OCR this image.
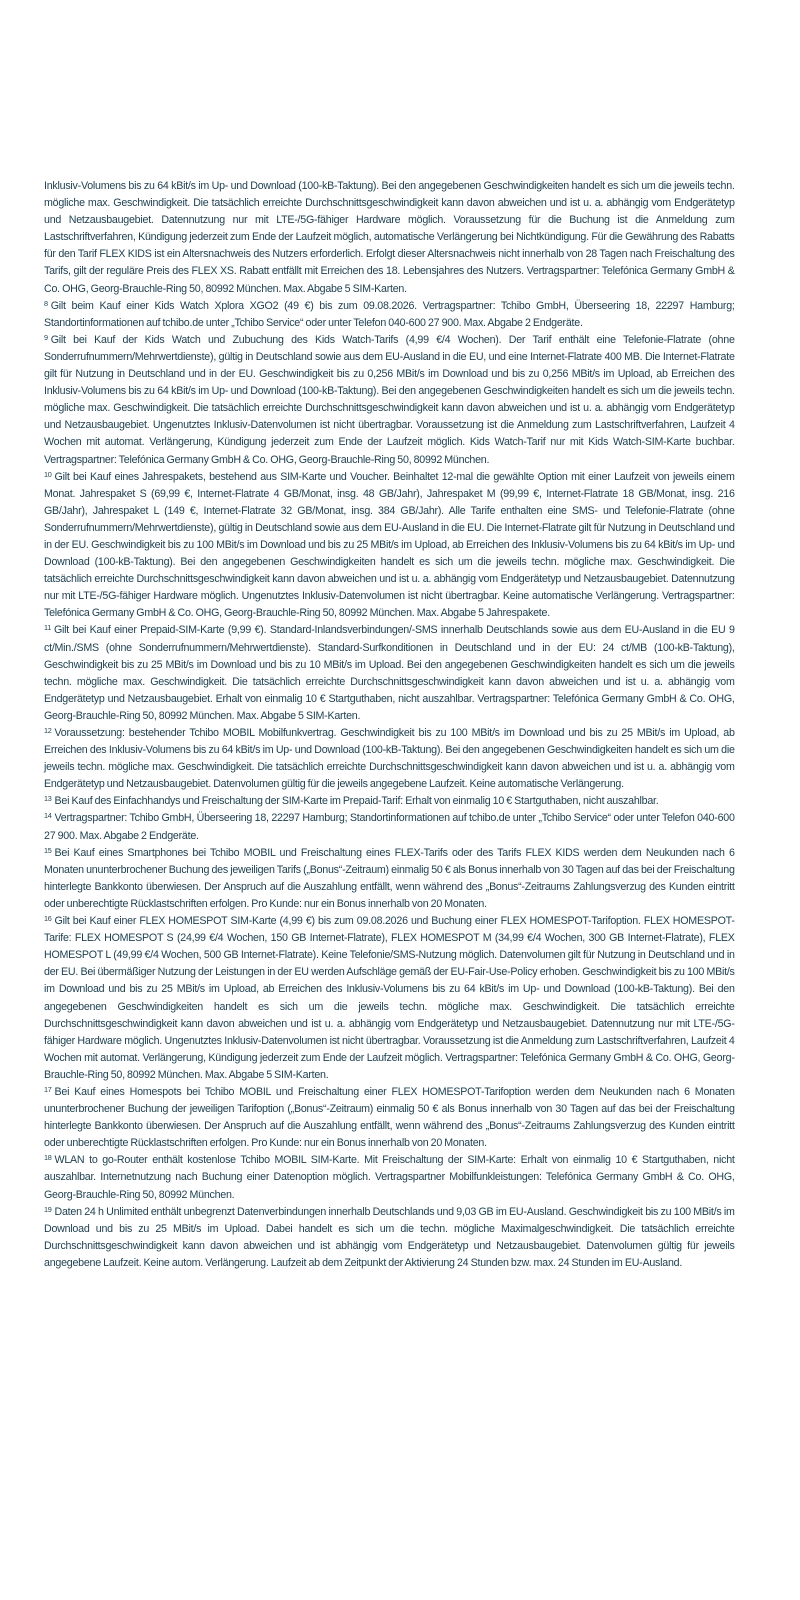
Inklusiv-Volumens bis zu 64 kBit/s im Up- und Download (100-kB-Taktung). Bei den angegebenen Geschwindigkeiten handelt es sich um die jeweils techn. mögliche max. Geschwindigkeit. Die tatsächlich erreichte Durchschnittsgeschwindigkeit kann davon abweichen und ist u. a. abhängig vom Endgerätetyp und Netzausbaugebiet. Datennutzung nur mit LTE-/5G-fähiger Hardware möglich. Voraussetzung für die Buchung ist die Anmeldung zum Lastschriftverfahren, Kündigung jederzeit zum Ende der Laufzeit möglich, automatische Verlängerung bei Nichtkündigung. Für die Gewährung des Rabatts für den Tarif FLEX KIDS ist ein Altersnachweis des Nutzers erforderlich. Erfolgt dieser Altersnachweis nicht innerhalb von 28 Tagen nach Freischaltung des Tarifs, gilt der reguläre Preis des FLEX XS. Rabatt entfällt mit Erreichen des 18. Lebensjahres des Nutzers. Vertragspartner: Telefónica Germany GmbH & Co. OHG, Georg-Brauchle-Ring 50, 80992 München. Max. Abgabe 5 SIM-Karten.

$^8$ Gilt beim Kauf einer Kids Watch Xplora XGO2 (49 €) bis zum 09.08.2026. Vertragspartner: Tchibo GmbH, Überseering 18, 22297 Hamburg; Standortinformationen auf tchibo.de unter „Tchibo Service“ oder unter Telefon 040-600 27 900. Max. Abgabe 2 Endgeräte.

$^9$ Gilt bei Kauf der Kids Watch und Zubuchung des Kids Watch-Tarifs (4,99 €/4 Wochen). Der Tarif enthält eine Telefonie-Flatrate (ohne Sonderrufnummern/Mehrwertdienste), gültig in Deutschland sowie aus dem EU-Ausland in die EU, und eine Internet-Flatrate 400 MB. Die Internet-Flatrate gilt für Nutzung in Deutschland und in der EU. Geschwindigkeit bis zu 0,256 MBit/s im Download und bis zu 0,256 MBit/s im Upload, ab Erreichen des Inklusiv-Volumens bis zu 64 kBit/s im Up- und Download (100-kB-Taktung). Bei den angegebenen Geschwindigkeiten handelt es sich um die jeweils techn. mögliche max. Geschwindigkeit. Die tatsächlich erreichte Durchschnittsgeschwindigkeit kann davon abweichen und ist u. a. abhängig vom Endgerätetyp und Netzausbaugebiet. Ungenutztes Inklusiv-Datenvolumen ist nicht übertragbar. Voraussetzung ist die Anmeldung zum Lastschriftverfahren, Laufzeit 4 Wochen mit automat. Verlängerung, Kündigung jederzeit zum Ende der Laufzeit möglich. Kids Watch-Tarif nur mit Kids Watch-SIM-Karte buchbar. Vertragspartner: Telefónica Germany GmbH & Co. OHG, Georg-Brauchle-Ring 50, 80992 München.

$^{10}$ Gilt bei Kauf eines Jahrespakets, bestehend aus SIM-Karte und Voucher. Beinhaltet 12-mal die gewählte Option mit einer Laufzeit von jeweils einem Monat. Jahrespaket S (69,99 €, Internet-Flatrate 4 GB/Monat, insg. 48 GB/Jahr), Jahrespaket M (99,99 €, Internet-Flatrate 18 GB/Monat, insg. 216 GB/Jahr), Jahrespaket L (149 €, Internet-Flatrate 32 GB/Monat, insg. 384 GB/Jahr). Alle Tarife enthalten eine SMS- und Telefonie-Flatrate (ohne Sonderrufnummern/Mehrwertdienste), gültig in Deutschland sowie aus dem EU-Ausland in die EU. Die Internet-Flatrate gilt für Nutzung in Deutschland und in der EU. Geschwindigkeit bis zu 100 MBit/s im Download und bis zu 25 MBit/s im Upload, ab Erreichen des Inklusiv-Volumens bis zu 64 kBit/s im Up- und Download (100-kB-Taktung). Bei den angegebenen Geschwindigkeiten handelt es sich um die jeweils techn. mögliche max. Geschwindigkeit. Die tatsächlich erreichte Durchschnittsgeschwindigkeit kann davon abweichen und ist u. a. abhängig vom Endgerätetyp und Netzausbaugebiet. Datennutzung nur mit LTE-/5G-fähiger Hardware möglich. Ungenutztes Inklusiv-Datenvolumen ist nicht übertragbar. Keine automatische Verlängerung. Vertragspartner: Telefónica Germany GmbH & Co. OHG, Georg-Brauchle-Ring 50, 80992 München. Max. Abgabe 5 Jahrespakete.

$^{11}$ Gilt bei Kauf einer Prepaid-SIM-Karte (9,99 €). Standard-Inlandsverbindungen/-SMS innerhalb Deutschlands sowie aus dem EU-Ausland in die EU 9 ct/Min./SMS (ohne Sonderrufnummern/Mehrwertdienste). Standard-Surfkonditionen in Deutschland und in der EU: 24 ct/MB (100-kB-Taktung), Geschwindigkeit bis zu 25 MBit/s im Download und bis zu 10 MBit/s im Upload. Bei den angegebenen Geschwindigkeiten handelt es sich um die jeweils techn. mögliche max. Geschwindigkeit. Die tatsächlich erreichte Durchschnittsgeschwindigkeit kann davon abweichen und ist u. a. abhängig vom Endgerätetyp und Netzausbaugebiet. Erhalt von einmalig 10 € Startguthaben, nicht auszahlbar. Vertragspartner: Telefónica Germany GmbH & Co. OHG, Georg-Brauchle-Ring 50, 80992 München. Max. Abgabe 5 SIM-Karten.

$^{12}$ Voraussetzung: bestehender Tchibo MOBIL Mobilfunkvertrag. Geschwindigkeit bis zu 100 MBit/s im Download und bis zu 25 MBit/s im Upload, ab Erreichen des Inklusiv-Volumens bis zu 64 kBit/s im Up- und Download (100-kB-Taktung). Bei den angegebenen Geschwindigkeiten handelt es sich um die jeweils techn. mögliche max. Geschwindigkeit. Die tatsächlich erreichte Durchschnittsgeschwindigkeit kann davon abweichen und ist u. a. abhängig vom Endgerätetyp und Netzausbaugebiet. Datenvolumen gültig für die jeweils angegebene Laufzeit. Keine automatische Verlängerung.

$^{13}$ Bei Kauf des Einfachhandys und Freischaltung der SIM-Karte im Prepaid-Tarif: Erhalt von einmalig 10 € Startguthaben, nicht auszahlbar.

$^{14}$ Vertragspartner: Tchibo GmbH, Überseering 18, 22297 Hamburg; Standortinformationen auf tchibo.de unter „Tchibo Service“ oder unter Telefon 040-600 27 900. Max. Abgabe 2 Endgeräte.

$^{15}$ Bei Kauf eines Smartphones bei Tchibo MOBIL und Freischaltung eines FLEX-Tarifs oder des Tarifs FLEX KIDS werden dem Neukunden nach 6 Monaten ununterbrochener Buchung des jeweiligen Tarifs („Bonus“-Zeitraum) einmalig 50 € als Bonus innerhalb von 30 Tagen auf das bei der Freischaltung hinterlegte Bankkonto überwiesen. Der Anspruch auf die Auszahlung entfällt, wenn während des „Bonus“-Zeitraums Zahlungsverzug des Kunden eintritt oder unberechtigte Rücklastschriften erfolgen. Pro Kunde: nur ein Bonus innerhalb von 20 Monaten.

$^{16}$ Gilt bei Kauf einer FLEX HOMESPOT SIM-Karte (4,99 €) bis zum 09.08.2026 und Buchung einer FLEX HOMESPOT-Tarifoption. FLEX HOMESPOT-Tarife: FLEX HOMESPOT S (24,99 €/4 Wochen, 150 GB Internet-Flatrate), FLEX HOMESPOT M (34,99 €/4 Wochen, 300 GB Internet-Flatrate), FLEX HOMESPOT L (49,99 €/4 Wochen, 500 GB Internet-Flatrate). Keine Telefonie/SMS-Nutzung möglich. Datenvolumen gilt für Nutzung in Deutschland und in der EU. Bei übermäßiger Nutzung der Leistungen in der EU werden Aufschläge gemäß der EU-Fair-Use-Policy erhoben. Geschwindigkeit bis zu 100 MBit/s im Download und bis zu 25 MBit/s im Upload, ab Erreichen des Inklusiv-Volumens bis zu 64 kBit/s im Up- und Download (100-kB-Taktung). Bei den angegebenen Geschwindigkeiten handelt es sich um die jeweils techn. mögliche max. Geschwindigkeit. Die tatsächlich erreichte Durchschnittsgeschwindigkeit kann davon abweichen und ist u. a. abhängig vom Endgerätetyp und Netzausbaugebiet. Datennutzung nur mit LTE-/5G-fähiger Hardware möglich. Ungenutztes Inklusiv-Datenvolumen ist nicht übertragbar. Voraussetzung ist die Anmeldung zum Lastschriftverfahren, Laufzeit 4 Wochen mit automat. Verlängerung, Kündigung jederzeit zum Ende der Laufzeit möglich. Vertragspartner: Telefónica Germany GmbH & Co. OHG, Georg-Brauchle-Ring 50, 80992 München. Max. Abgabe 5 SIM-Karten.

$^{17}$ Bei Kauf eines Homespots bei Tchibo MOBIL und Freischaltung einer FLEX HOMESPOT-Tarifoption werden dem Neukunden nach 6 Monaten ununterbrochener Buchung der jeweiligen Tarifoption („Bonus“-Zeitraum) einmalig 50 € als Bonus innerhalb von 30 Tagen auf das bei der Freischaltung hinterlegte Bankkonto überwiesen. Der Anspruch auf die Auszahlung entfällt, wenn während des „Bonus“-Zeitraums Zahlungsverzug des Kunden eintritt oder unberechtigte Rücklastschriften erfolgen. Pro Kunde: nur ein Bonus innerhalb von 20 Monaten.

$^{18}$ WLAN to go-Router enthält kostenlose Tchibo MOBIL SIM-Karte. Mit Freischaltung der SIM-Karte: Erhalt von einmalig 10 € Startguthaben, nicht auszahlbar. Internetnutzung nach Buchung einer Datenoption möglich. Vertragspartner Mobilfunkleistungen: Telefónica Germany GmbH & Co. OHG, Georg-Brauchle-Ring 50, 80992 München.

$^{19}$ Daten 24 h Unlimited enthält unbegrenzt Datenverbindungen innerhalb Deutschlands und 9,03 GB im EU-Ausland. Geschwindigkeit bis zu 100 MBit/s im Download und bis zu 25 MBit/s im Upload. Dabei handelt es sich um die techn. mögliche Maximalgeschwindigkeit. Die tatsächlich erreichte Durchschnittsgeschwindigkeit kann davon abweichen und ist abhängig vom Endgerätetyp und Netzausbaugebiet. Datenvolumen gültig für jeweils angegebene Laufzeit. Keine autom. Verlängerung. Laufzeit ab dem Zeitpunkt der Aktivierung 24 Stunden bzw. max. 24 Stunden im EU-Ausland.
